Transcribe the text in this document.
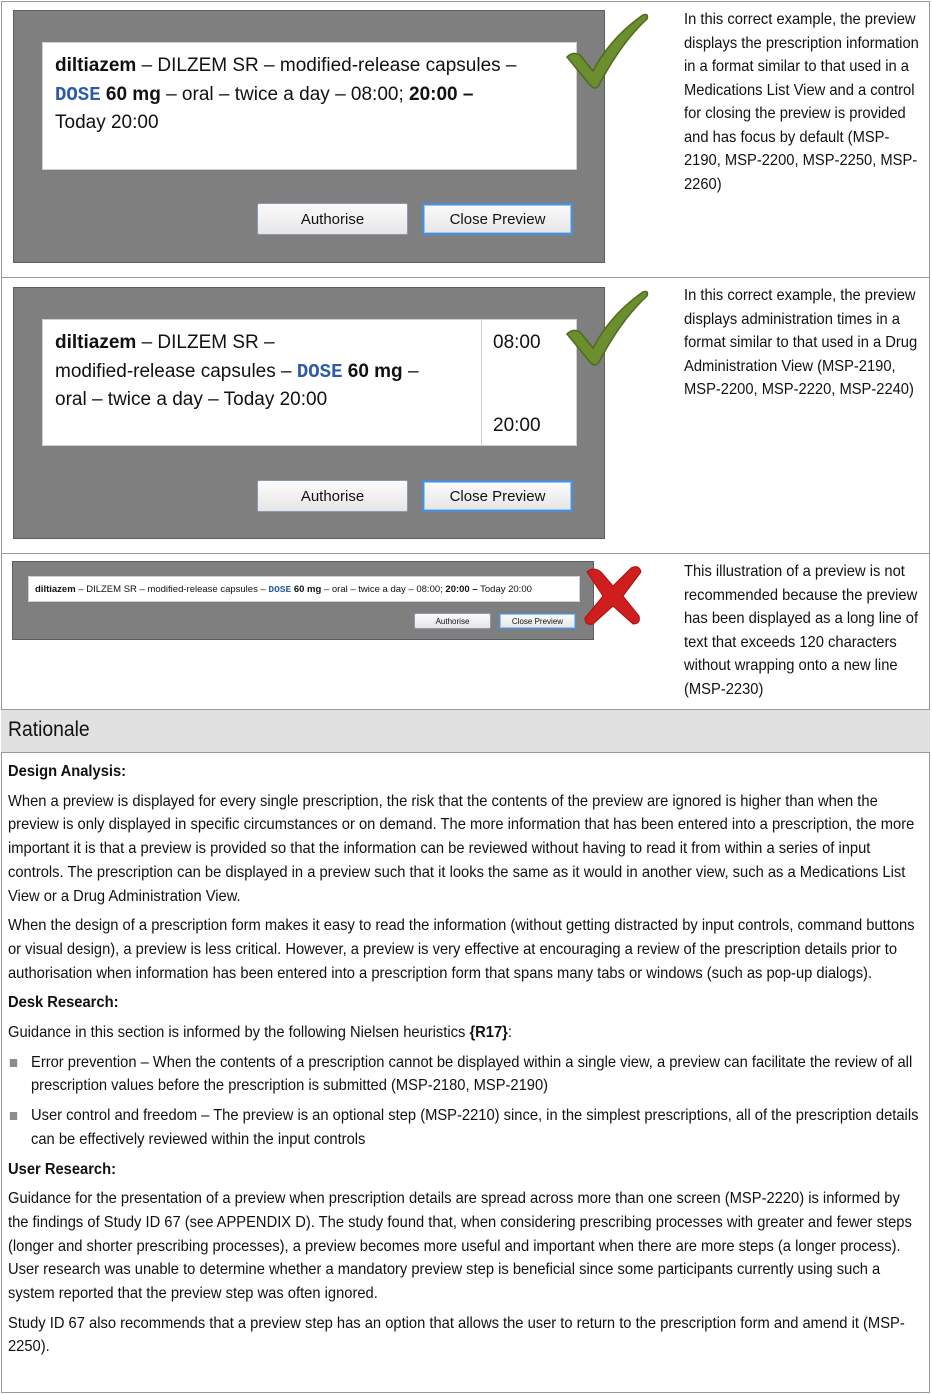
diltiazem – DILZEM SR – modified-release capsules –
DOSE 60 mg – oral – twice a day – 08:00; 20:00 –
Today 20:00
Authorise	Close Preview
In this correct example, the preview displays the prescription information in a format similar to that used in a Medications List View and a control for closing the preview is provided and has focus by default (MSP-2190, MSP-2200, MSP-2250, MSP-2260)
diltiazem – DILZEM SR –
modified-release capsules – DOSE 60 mg –
oral – twice a day – Today 20:00
08:00
20:00
Authorise	Close Preview
In this correct example, the preview displays administration times in a format similar to that used in a Drug Administration View (MSP-2190, MSP-2200, MSP-2220, MSP-2240)
diltiazem – DILZEM SR – modified-release capsules – DOSE 60 mg – oral – twice a day – 08:00; 20:00 – Today 20:00
Authorise	Close Preview
This illustration of a preview is not recommended because the preview has been displayed as a long line of text that exceeds 120 characters without wrapping onto a new line (MSP-2230)
Rationale
Design Analysis:

When a preview is displayed for every single prescription, the risk that the contents of the preview are ignored is higher than when the preview is only displayed in specific circumstances or on demand. The more information that has been entered into a prescription, the more important it is that a preview is provided so that the information can be reviewed without having to read it from within a series of input controls. The prescription can be displayed in a preview such that it looks the same as it would in another view, such as a Medications List View or a Drug Administration View.

When the design of a prescription form makes it easy to read the information (without getting distracted by input controls, command buttons or visual design), a preview is less critical. However, a preview is very effective at encouraging a review of the prescription details prior to authorisation when information has been entered into a prescription form that spans many tabs or windows (such as pop-up dialogs).

Desk Research:

Guidance in this section is informed by the following Nielsen heuristics {R17}:

Error prevention – When the contents of a prescription cannot be displayed within a single view, a preview can facilitate the review of all prescription values before the prescription is submitted (MSP-2180, MSP-2190)
User control and freedom – The preview is an optional step (MSP-2210) since, in the simplest prescriptions, all of the prescription details can be effectively reviewed within the input controls
User Research:

Guidance for the presentation of a preview when prescription details are spread across more than one screen (MSP-2220) is informed by the findings of Study ID 67 (see APPENDIX D). The study found that, when considering prescribing processes with greater and fewer steps (longer and shorter prescribing processes), a preview becomes more useful and important when there are more steps (a longer process). User research was unable to determine whether a mandatory preview step is beneficial since some participants currently using such a system reported that the preview step was often ignored.

Study ID 67 also recommends that a preview step has an option that allows the user to return to the prescription form and amend it (MSP-2250).
